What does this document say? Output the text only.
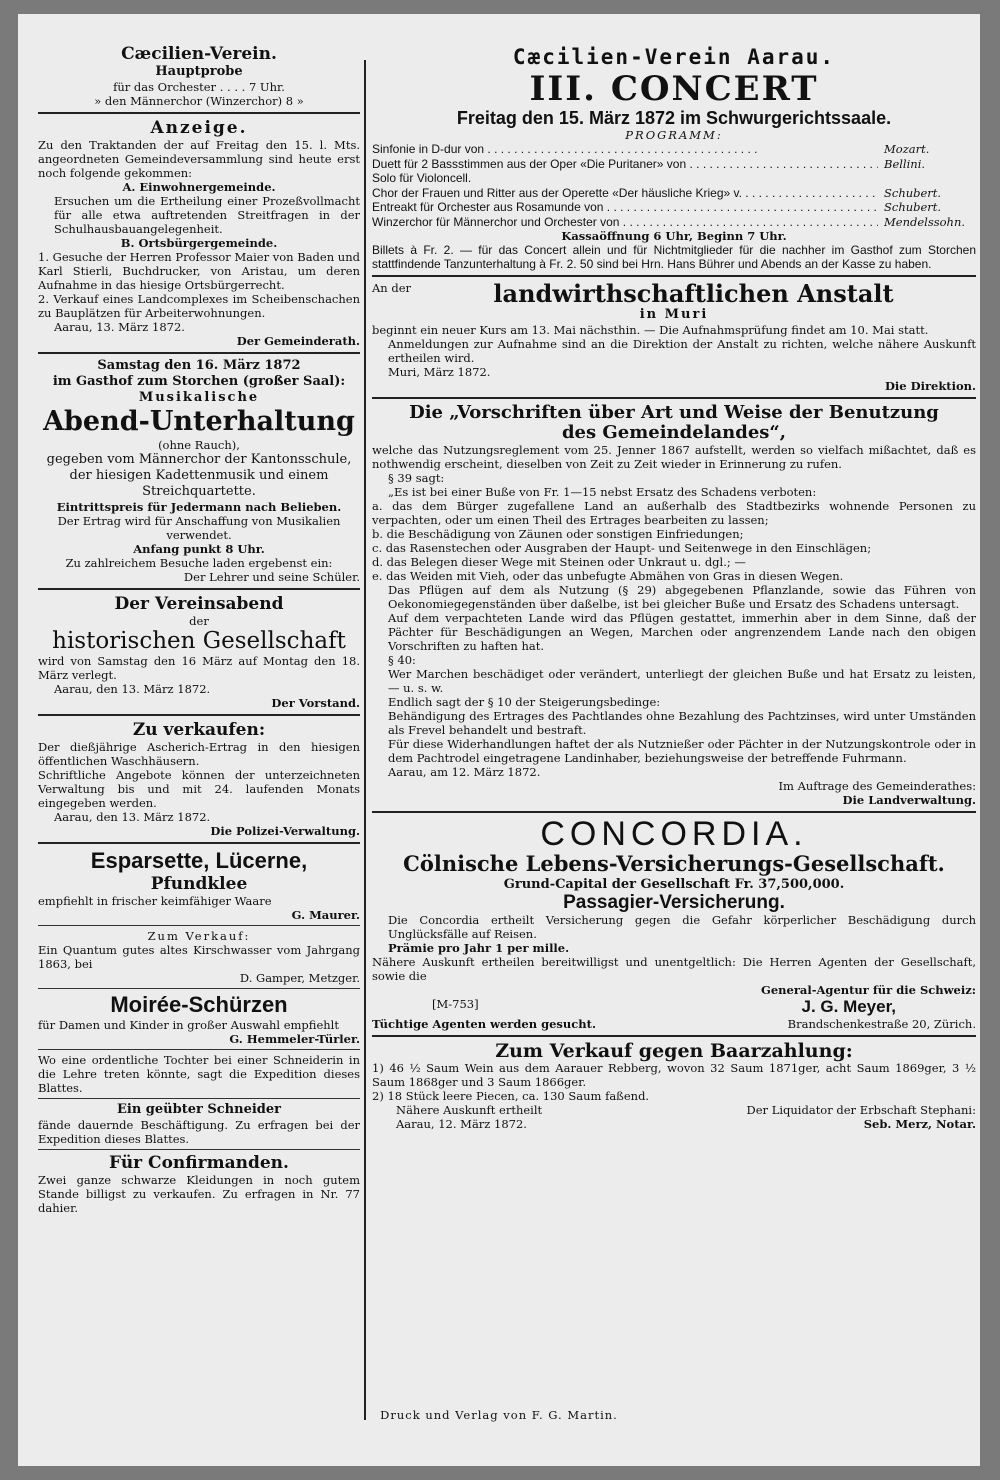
Cæcilien-Verein.
Hauptprobe
für das Orchester . . . . 7 Uhr.
» den Männerchor (Winzerchor) 8 »
Anzeige.
Zu den Traktanden der auf Freitag den 15. l. Mts. angeordneten Gemeindeversammlung sind heute erst noch folgende gekommen:
A. Einwohnergemeinde.
Ersuchen um die Ertheilung einer Prozeßvollmacht für alle etwa auftretenden Streitfragen in der Schulhausbauangelegenheit.
B. Ortsbürgergemeinde.
1. Gesuche der Herren Professor Maier von Baden und Karl Stierli, Buchdrucker, von Aristau, um deren Aufnahme in das hiesige Ortsbürgerrecht.
2. Verkauf eines Landcomplexes im Scheibenschachen zu Bauplätzen für Arbeiterwohnungen.
Aarau, 13. März 1872.
Der Gemeinderath.
Samstag den 16. März 1872
im Gasthof zum Storchen (großer Saal):
Musikalische
Abend-Unterhaltung
(ohne Rauch),
gegeben vom Männerchor der Kantonsschule, der hiesigen Kadettenmusik und einem Streichquartette.
Eintrittspreis für Jedermann nach Belieben.
Der Ertrag wird für Anschaffung von Musikalien verwendet.
Anfang punkt 8 Uhr.
Zu zahlreichem Besuche laden ergebenst ein:
Der Lehrer und seine Schüler.
Der Vereinsabend
der
historischen Gesellschaft
wird von Samstag den 16 März auf Montag den 18. März verlegt.
Aarau, den 13. März 1872.
Der Vorstand.
Zu verkaufen:
Der dießjährige Ascherich-Ertrag in den hiesigen öffentlichen Waschhäusern.
Schriftliche Angebote können der unterzeichneten Verwaltung bis und mit 24. laufenden Monats eingegeben werden.
Aarau, den 13. März 1872.
Die Polizei-Verwaltung.
Esparsette, Lücerne,
Pfundklee
empfiehlt in frischer keimfähiger Waare
G. Maurer.
Zum Verkauf:
Ein Quantum gutes altes Kirschwasser vom Jahrgang 1863, bei
D. Gamper, Metzger.
Moirée-Schürzen
für Damen und Kinder in großer Auswahl empfiehlt
G. Hemmeler-Türler.
Wo eine ordentliche Tochter bei einer Schneiderin in die Lehre treten könnte, sagt die Expedition dieses Blattes.
Ein geübter Schneider
fände dauernde Beschäftigung. Zu erfragen bei der Expedition dieses Blattes.
Für Confirmanden.
Zwei ganze schwarze Kleidungen in noch gutem Stande billigst zu verkaufen. Zu erfragen in Nr. 77 dahier.
Cæcilien-Verein Aarau.
III. CONCERT
Freitag den 15. März 1872 im Schwurgerichtssaale.
PROGRAMM:
Sinfonie in D-dur von . . .	Mozart.
Duett für 2 Bassstimmen aus der Oper «Die Puritaner» von . . .	Bellini.
Solo für Violoncell.
Chor der Frauen und Ritter aus der Operette «Der häusliche Krieg» v. . . .	Schubert.
Entreakt für Orchester aus Rosamunde von . . .	Schubert.
Winzerchor für Männerchor und Orchester von . . .	Mendelssohn.
Kassaöffnung 6 Uhr, Beginn 7 Uhr.
Billets à Fr. 2. — für das Concert allein und für Nichtmitglieder für die nachher im Gasthof zum Storchen stattfindende Tanzunterhaltung à Fr. 2. 50 sind bei Hrn. Hans Bührer und Abends an der Kasse zu haben.
An der	landwirthschaftlichen Anstalt
in Muri
beginnt ein neuer Kurs am 13. Mai nächsthin. — Die Aufnahmsprüfung findet am 10. Mai statt.
Anmeldungen zur Aufnahme sind an die Direktion der Anstalt zu richten, welche nähere Auskunft ertheilen wird.
Muri, März 1872.
Die Direktion.
Die „Vorschriften über Art und Weise der Benutzung
des Gemeindelandes“,
welche das Nutzungsreglement vom 25. Jenner 1867 aufstellt, werden so vielfach mißachtet, daß es nothwendig erscheint, dieselben von Zeit zu Zeit wieder in Erinnerung zu rufen.
§ 39 sagt:
„Es ist bei einer Buße von Fr. 1—15 nebst Ersatz des Schadens verboten:
a. das dem Bürger zugefallene Land an außerhalb des Stadtbezirks wohnende Personen zu verpachten, oder um einen Theil des Ertrages bearbeiten zu lassen;
b. die Beschädigung von Zäunen oder sonstigen Einfriedungen;
c. das Rasenstechen oder Ausgraben der Haupt- und Seitenwege in den Einschlägen;
d. das Belegen dieser Wege mit Steinen oder Unkraut u. dgl.; —
e. das Weiden mit Vieh, oder das unbefugte Abmähen von Gras in diesen Wegen.
Das Pflügen auf dem als Nutzung (§ 29) abgegebenen Pflanzlande, sowie das Führen von Oekonomiegegenständen über daßelbe, ist bei gleicher Buße und Ersatz des Schadens untersagt.
Auf dem verpachteten Lande wird das Pflügen gestattet, immerhin aber in dem Sinne, daß der Pächter für Beschädigungen an Wegen, Marchen oder angrenzendem Lande nach den obigen Vorschriften zu haften hat.
§ 40:
Wer Marchen beschädiget oder verändert, unterliegt der gleichen Buße und hat Ersatz zu leisten, — u. s. w.
Endlich sagt der § 10 der Steigerungsbedinge:
Behändigung des Ertrages des Pachtlandes ohne Bezahlung des Pachtzinses, wird unter Umständen als Frevel behandelt und bestraft.
Für diese Widerhandlungen haftet der als Nutznießer oder Pächter in der Nutzungskontrole oder in dem Pachtrodel eingetragene Landinhaber, beziehungsweise der betreffende Fuhrmann.
Aarau, am 12. März 1872.
Im Auftrage des Gemeinderathes:
Die Landverwaltung.
CONCORDIA.
Cölnische Lebens-Versicherungs-Gesellschaft.
Grund-Capital der Gesellschaft Fr. 37,500,000.
Passagier-Versicherung.
Die Concordia ertheilt Versicherung gegen die Gefahr körperlicher Beschädigung durch Unglücksfälle auf Reisen.
Prämie pro Jahr 1 per mille.
Nähere Auskunft ertheilen bereitwilligst und unentgeltlich: Die Herren Agenten der Gesellschaft, sowie die
General-Agentur für die Schweiz:
[M-753]	J. G. Meyer,
Tüchtige Agenten werden gesucht.	Brandschenkestraße 20, Zürich.
Zum Verkauf gegen Baarzahlung:
1) 46 ½ Saum Wein aus dem Aarauer Rebberg, wovon 32 Saum 1871ger, acht Saum 1869ger, 3 ½ Saum 1868ger und 3 Saum 1866ger.
2) 18 Stück leere Piecen, ca. 130 Saum faßend.
Nähere Auskunft ertheilt	Der Liquidator der Erbschaft Stephani:
Aarau, 12. März 1872.	Seb. Merz, Notar.
Druck und Verlag von F. G. Martin.
